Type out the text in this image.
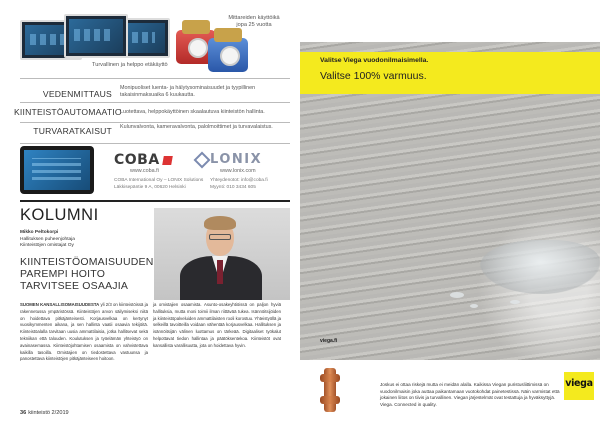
Mittareiden käyttöikä jopa 25 vuotta
Turvallinen ja helppo etäkäyttö
VEDENMITTAUS
Monipuoliset luenta- ja hälytysominaisuudet ja tyypillinen takaisinmaksuaika 6 kuukautta.
KIINTEISTÖAUTOMAATIO
Luotettava, helppokäyttöinen skaalautuva kiinteistön hallinta.
TURVARATKAISUT Kulunvalvonta, kameravalvonta, palolmoittimet ja turvavalaistus.
COBA	LONIX
www.coba.fi	www.lonix.com
COBA International Oy – LONIX Solutions
Läkkisepäntie 9 A, 00620 Helsinki
Yhteydenotot: info@coba.fi
Myynti: 010 3434 605
KOLUMNI
Mikko Peltokorpi
Hallituksen puheenjohtaja
Kiinteistöjen omistajat Oy
KIINTEISTÖOMAISUUDEN
PAREMPI HOITO
TARVITSEE OSAAJIA
SUOMEN KANSALLISOMAISUUDESTA yli 2/3 on kiinteistöissä ja rakennetussa ympäristössä. Kiinteistöjen arvon säilymiseksi niitä on hoidettava pitkäjänteisesti. Korjausvelkaa on kertynyt vuosikymmenten aikana, ja sen hallinta vaatii osaavia tekijöitä. Kiinteistöalalla tarvitaan uusia ammattilaisia, jotka hallitsevat sekä tekniikan että talouden. Koulutuksen ja työelämän yhteistyö on avainasemassa. Kiinteistöjohtamisen osaamista on vahvistettava kaikilla tasoilla. Omistajien on tiedostettava vastuunsa ja panostettava kiinteistöjen pitkäjänteiseen hoitoon.
ja omistajien osaamista. Asunto-osakeyhtiöissä on paljon hyviä hallituksia, mutta moni toimii ilman riittävää tukea. Isännöitsijöiden ja kiinteistöpalveluiden ammattilaisten rooli korostuu. Yhteistyöllä ja selkeillä tavoitteilla voidaan vähentää korjausvelkaa. Hallituksen ja isännöitsijän välinen luottamus on tärkeää. Digitaaliset työkalut helpottavat tiedon hallintaa ja päätöksentekoa. Kiinteistöt ovat kansallista varallisuutta, jota on hoidettava hyvin.
36 kiinteistö 2/2019
Valitse Viega vuodonilmaisimella.
Valitse 100% varmuus.
viega.fi
Joskus ei ottaa riskejä mutta ei meidän alalla. Kaikissa Viegan puristusliittimissä on vuodonilmaisin joka auttaa paikantamaan vuotokohdat painetestissä. Näin varmistat että jokainen liitos on tiivis ja turvallinen. Viegan järjestelmät ovat testattuja ja hyväksyttyjä. Viega. Connected in quality.
viega
